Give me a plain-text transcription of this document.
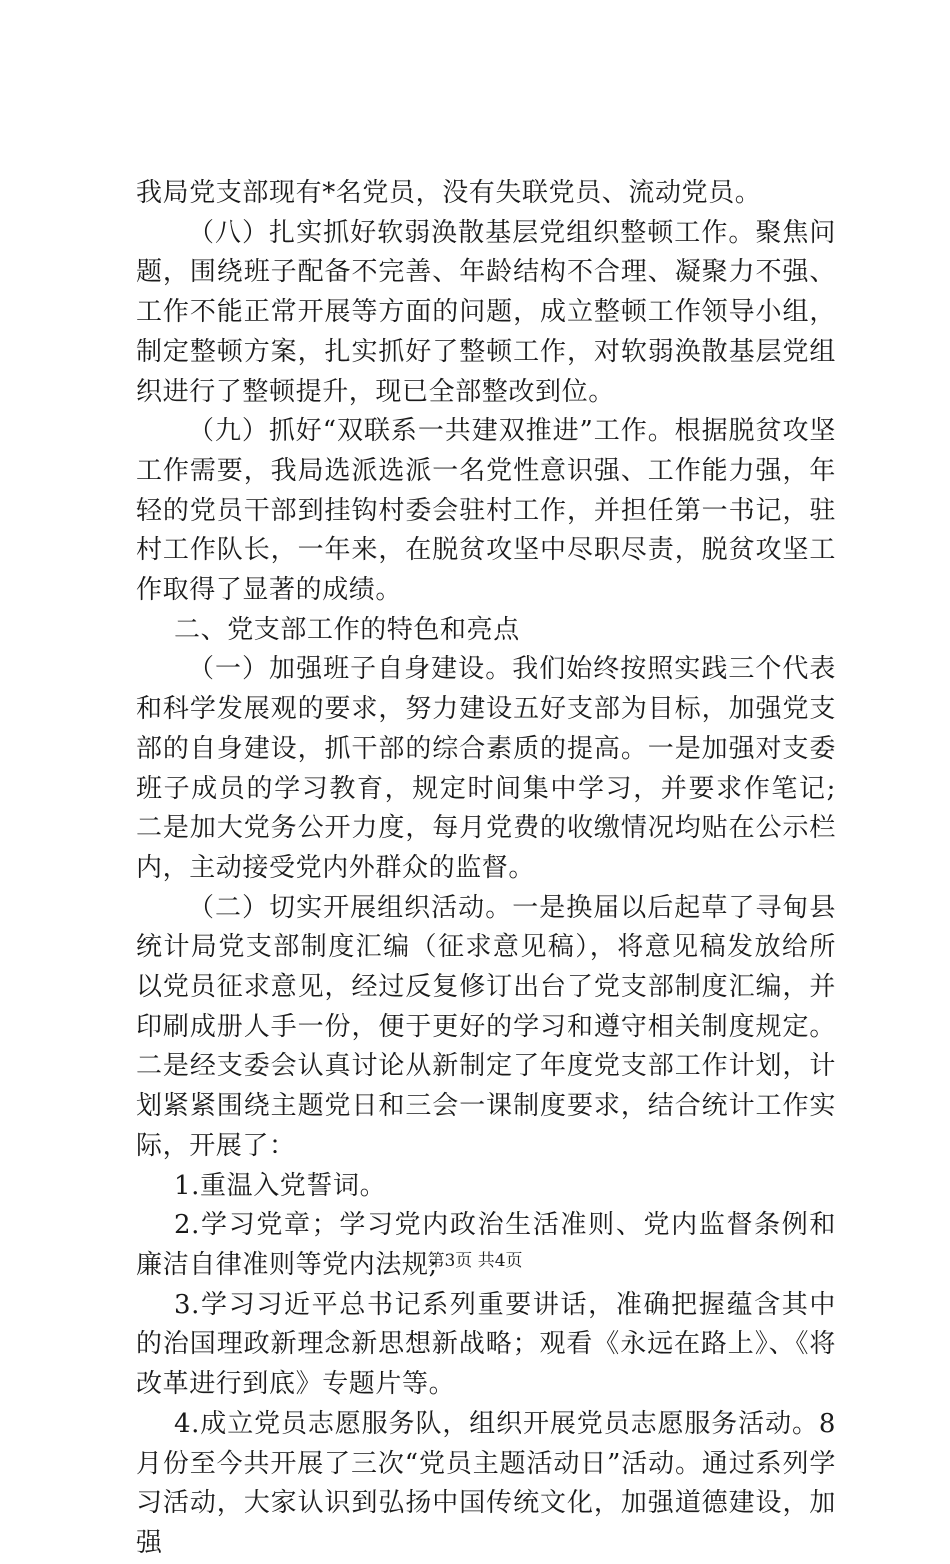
我局党支部现有*名党员，没有失联党员、流动党员。

（八）扎实抓好软弱涣散基层党组织整顿工作。聚焦问题，围绕班子配备不完善、年龄结构不合理、凝聚力不强、工作不能正常开展等方面的问题，成立整顿工作领导小组，制定整顿方案，扎实抓好了整顿工作，对软弱涣散基层党组织进行了整顿提升，现已全部整改到位。

（九）抓好“双联系一共建双推进”工作。根据脱贫攻坚工作需要，我局选派选派一名党性意识强、工作能力强，年轻的党员干部到挂钩村委会驻村工作，并担任第一书记，驻村工作队长，一年来，在脱贫攻坚中尽职尽责，脱贫攻坚工作取得了显著的成绩。

二、党支部工作的特色和亮点

（一）加强班子自身建设。我们始终按照实践三个代表和科学发展观的要求，努力建设五好支部为目标，加强党支部的自身建设，抓干部的综合素质的提高。一是加强对支委班子成员的学习教育，规定时间集中学习，并要求作笔记;二是加大党务公开力度，每月党费的收缴情况均贴在公示栏内，主动接受党内外群众的监督。

（二）切实开展组织活动。一是换届以后起草了寻甸县统计局党支部制度汇编（征求意见稿），将意见稿发放给所以党员征求意见，经过反复修订出台了党支部制度汇编，并印刷成册人手一份，便于更好的学习和遵守相关制度规定。二是经支委会认真讨论从新制定了年度党支部工作计划，计划紧紧围绕主题党日和三会一课制度要求，结合统计工作实际，开展了：

1.重温入党誓词。

2.学习党章；学习党内政治生活准则、党内监督条例和廉洁自律准则等党内法规;

3.学习习近平总书记系列重要讲话，准确把握蕴含其中的治国理政新理念新思想新战略；观看《永远在路上》、《将改革进行到底》专题片等。

4.成立党员志愿服务队，组织开展党员志愿服务活动。8月份至今共开展了三次“党员主题活动日”活动。通过系列学习活动，大家认识到弘扬中国传统文化，加强道德建设，加强

第3页 共4页
